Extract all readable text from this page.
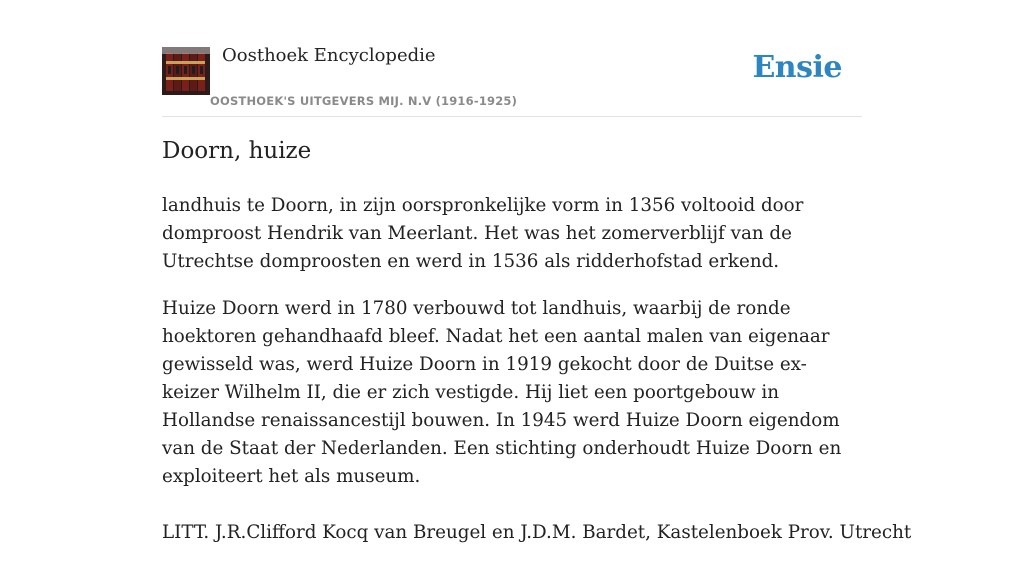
Oosthoek Encyclopedie
OOSTHOEK'S UITGEVERS MIJ. N.V (1916-1925)
Ensie
Doorn, huize

landhuis te Doorn, in zijn oorspronkelijke vorm in 1356 voltooid door domproost Hendrik van Meerlant. Het was het zomerverblijf van de Utrechtse domproosten en werd in 1536 als ridderhofstad erkend.

Huize Doorn werd in 1780 verbouwd tot landhuis, waarbij de ronde hoektoren gehandhaafd bleef. Nadat het een aantal malen van eigenaar gewisseld was, werd Huize Doorn in 1919 gekocht door de Duitse ex-keizer Wilhelm II, die er zich vestigde. Hij liet een poortgebouw in Hollandse renaissancestijl bouwen. In 1945 werd Huize Doorn eigendom van de Staat der Nederlanden. Een stichting onderhoudt Huize Doorn en exploiteert het als museum.

LITT. J.R.Clifford Kocq van Breugel en J.D.M. Bardet, Kastelenboek Prov. Utrecht
